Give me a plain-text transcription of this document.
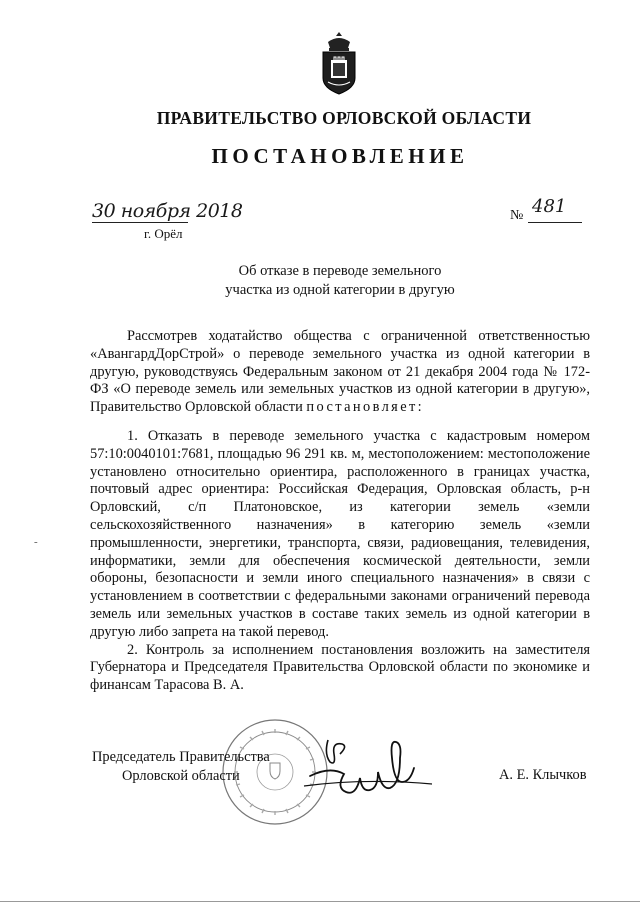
ПРАВИТЕЛЬСТВО ОРЛОВСКОЙ ОБЛАСТИ
ПОСТАНОВЛЕНИЕ
30 ноября 2018
г. Орёл
№ 481
Об отказе в переводе земельного
участка из одной категории в другую

Рассмотрев ходатайство общества с ограниченной ответственностью «АвангардДорСтрой» о переводе земельного участка из одной категории в другую, руководствуясь Федеральным законом от 21 декабря 2004 года № 172-ФЗ «О переводе земель или земельных участков из одной категории в другую», Правительство Орловской области постановляет:

1. Отказать в переводе земельного участка с кадастровым номером 57:10:0040101:7681, площадью 96 291 кв. м, местоположением: местоположение установлено относительно ориентира, расположенного в границах участка, почтовый адрес ориентира: Российская Федерация, Орловская область, р-н Орловский, с/п Платоновское, из категории земель «земли сельскохозяйственного назначения» в категорию земель «земли промышленности, энергетики, транспорта, связи, радиовещания, телевидения, информатики, земли для обеспечения космической деятельности, земли обороны, безопасности и земли иного специального назначения» в связи с установлением в соответствии с федеральными законами ограничений перевода земель или земельных участков в составе таких земель из одной категории в другую либо запрета на такой перевод.

2. Контроль за исполнением постановления возложить на заместителя Губернатора и Председателя Правительства Орловской области по экономике и финансам Тарасова В. А.

-
Председатель Правительства
Орловской области	А. Е. Клычков
